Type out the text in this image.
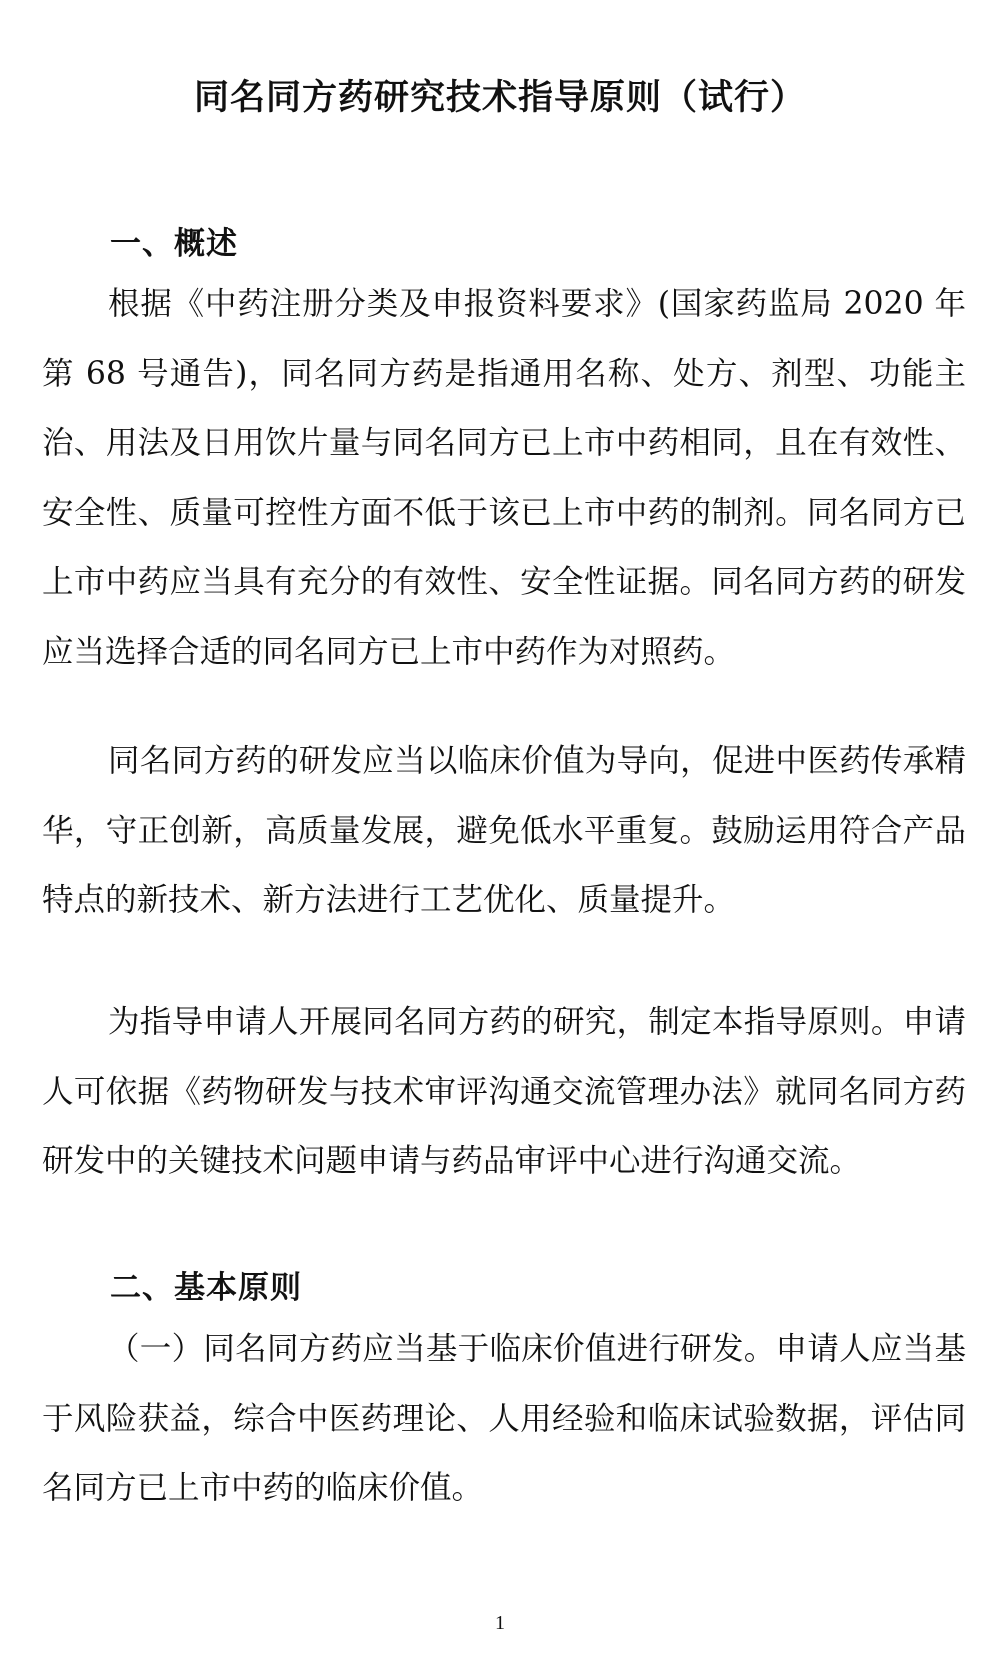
同名同方药研究技术指导原则（试行）
一、概述

根据《中药注册分类及申报资料要求》(国家药监局 2020 年第 68 号通告)，同名同方药是指通用名称、处方、剂型、功能主治、用法及日用饮片量与同名同方已上市中药相同，且在有效性、安全性、质量可控性方面不低于该已上市中药的制剂。同名同方已上市中药应当具有充分的有效性、安全性证据。同名同方药的研发应当选择合适的同名同方已上市中药作为对照药。

同名同方药的研发应当以临床价值为导向，促进中医药传承精华，守正创新，高质量发展，避免低水平重复。鼓励运用符合产品特点的新技术、新方法进行工艺优化、质量提升。

为指导申请人开展同名同方药的研究，制定本指导原则。申请人可依据《药物研发与技术审评沟通交流管理办法》就同名同方药研发中的关键技术问题申请与药品审评中心进行沟通交流。

二、基本原则

（一）同名同方药应当基于临床价值进行研发。申请人应当基于风险获益，综合中医药理论、人用经验和临床试验数据，评估同名同方已上市中药的临床价值。

1
